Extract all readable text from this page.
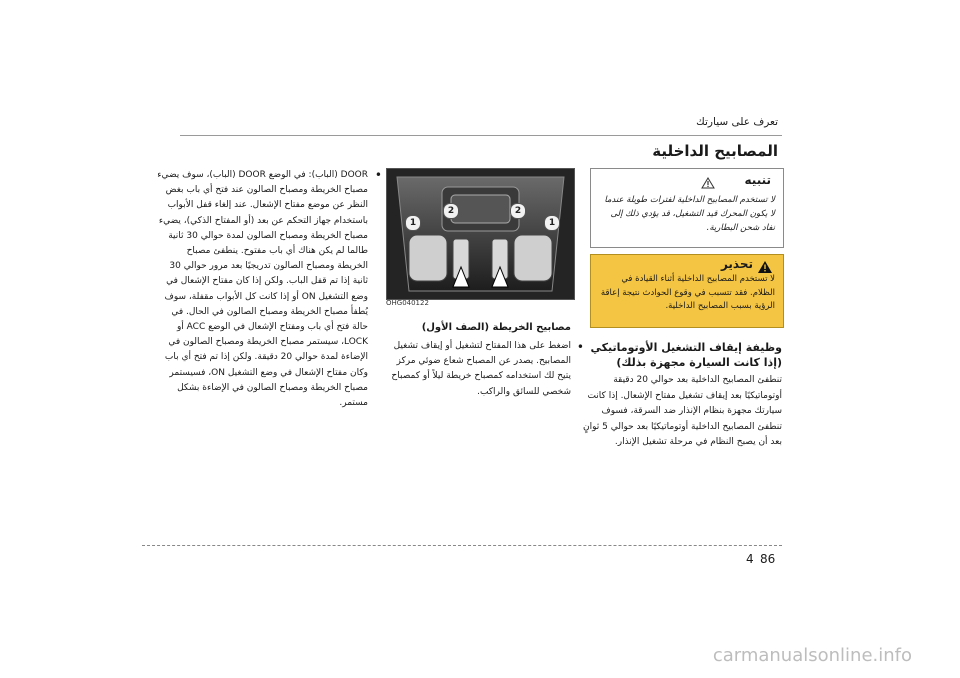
تعرف على سيارتك
المصابيح الداخلية
تنبيه
لا تستخدم المصابيح الداخلية لفترات طويلة عندما لا يكون المحرك قيد التشغيل، قد يؤدي ذلك إلى نفاد شحن البطارية.
تحذير
لا تستخدم المصابيح الداخلية أثناء القيادة في الظلام. فقد تتسبب في وقوع الحوادث نتيجة إعاقة الرؤية بسبب المصابيح الداخلية.
وظيفة إيقاف التشغيل الأوتوماتيكي (إذا كانت السيارة مجهزة بذلك)
تنطفئ المصابيح الداخلية بعد حوالي 20 دقيقة أوتوماتيكيًا بعد إيقاف تشغيل مفتاح الإشعال. إذا كانت سيارتك مجهزة بنظام الإنذار ضد السرقة، فسوف تنطفئ المصابيح الداخلية أوتوماتيكيًا بعد حوالي 5 ثوانٍ بعد أن يصبح النظام في مرحلة تشغيل الإنذار.
1
2	2
1
OHG040122
مصابيح الخريطة (الصف الأول)
•
اضغط على هذا المفتاح لتشغيل أو إيقاف تشغيل المصابيح. يصدر عن المصباح شعاع ضوئي مركز يتيح لك استخدامه كمصباح خريطة ليلاً أو كمصباح شخصي للسائق والراكب.
•
DOOR (الباب): في الوضع DOOR (الباب)، سوف يضيء مصباح الخريطة ومصباح الصالون عند فتح أي باب بغض النظر عن موضع مفتاح الإشعال. عند إلغاء قفل الأبواب باستخدام جهاز التحكم عن بعد (أو المفتاح الذكي)، يضيء مصباح الخريطة ومصباح الصالون لمدة حوالي 30 ثانية طالما لم يكن هناك أي باب مفتوح. ينطفئ مصباح الخريطة ومصباح الصالون تدريجيًا بعد مرور حوالي 30 ثانية إذا تم قفل الباب. ولكن إذا كان مفتاح الإشعال في وضع التشغيل ON أو إذا كانت كل الأبواب مقفلة، سوف يُطفأ مصباح الخريطة ومصباح الصالون في الحال. في حالة فتح أي باب ومفتاح الإشعال في الوضع ACC أو LOCK، سيستمر مصباح الخريطة ومصباح الصالون في الإضاءة لمدة حوالي 20 دقيقة. ولكن إذا تم فتح أي باب وكان مفتاح الإشعال في وضع التشغيل ON، فسيستمر مصباح الخريطة ومصباح الصالون في الإضاءة بشكل مستمر.
4 86
carmanualsonline.info
